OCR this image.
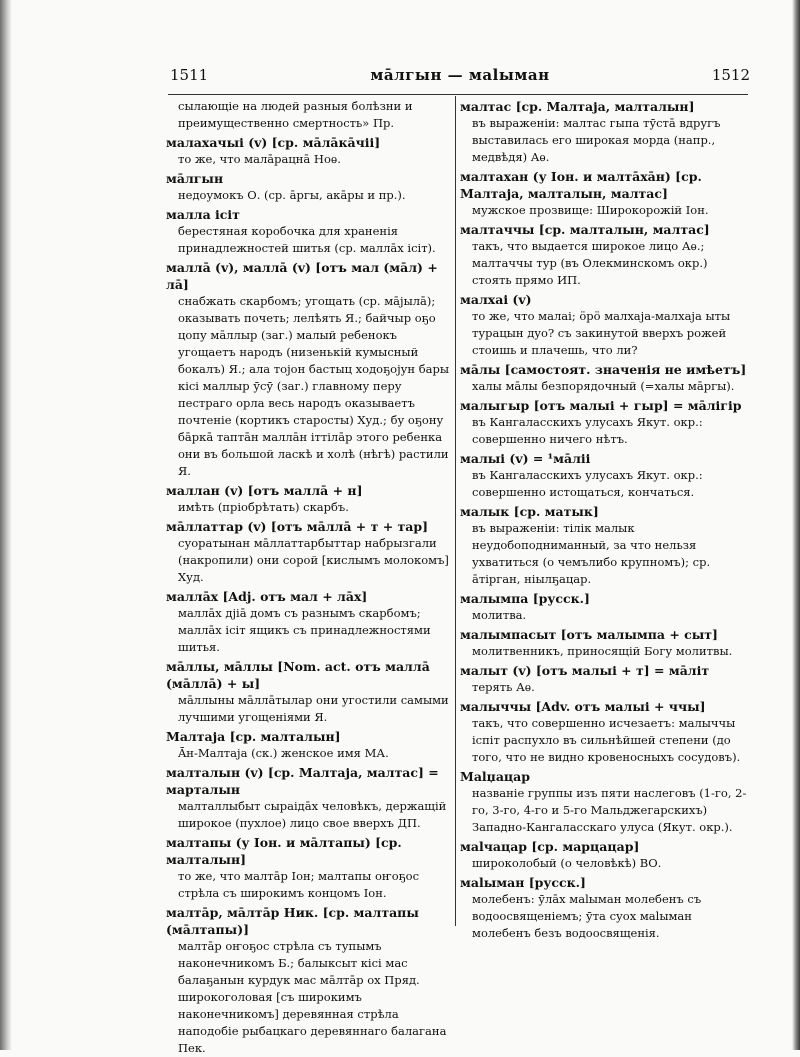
1511	мāлгын — маlыман	1512
сылающіе на людей разныя болѣзни и преимущественно смертность» Пр.
малахачыі (v) [ср. мāлāкāчіі]
то же, что малāрацнā Ноѳ.
мāлгын
недоумокъ О. (ср. āргы, акāры и пр.).
малла ісіт
берестяная коробочка для храненія принадлежностей шитья (ср. маллāх ісіт).
маллā (v), маллā (v) [отъ мал (мāл) + лā]
снабжать скарбомъ; угощать (ср. мāјылā); оказывать почеть; лелѣять Я.; байчыр оҕо цопу мāллыр (заг.) малый ребенокъ угощаетъ народъ (низенькій кумысный бокалъ) Я.; ала тојон бастыц ходоҕојун бары кісі маллыр ӯсӯ (заг.) главному перу пестраго орла весь народъ оказываетъ почтеніе (кортикъ старосты) Худ.; бу оҕону бāркā таптāн маллāн іттілāр этого ребенка они въ большой ласкѣ и холѣ (нѣгѣ) растили Я.
маллан (v) [отъ маллā + н]
имѣть (пріобрѣтать) скарбъ.
мāллаттар (v) [отъ мāллā + т + тар]
суоратынан мāллаттарбыттар набрызгали (накропили) они сорой [кислымъ молокомъ] Худ.
маллāх [Adj. отъ мал + лāх]
маллāх дјіā домъ съ разнымъ скарбомъ; маллāх ісіт ящикъ съ принадлежностями шитья.
мāллы, мāллы [Nom. act. отъ маллā (мāллā) + ы]
мāллыны мāллāтылар они угостили самыми лучшими угощеніями Я.
Малтаја [ср. малталын]
Āн-Малтаја (ск.) женское имя МА.
малталын (v) [ср. Малтаја, малтас] = марталын
малталлыбыт сыраідāх человѣкъ, держащій широкое (пухлое) лицо свое вверхъ ДП.
малтапы (у Іон. и мāлтапы) [ср. малталын]
то же, что малтāр Іон; малтапы оҥоҕос стрѣла съ широкимъ концомъ Іон.
малтāр, мāлтāр Ник. [ср. малтапы (мāлтапы)]
малтāр оҥоҕос стрѣла съ тупымъ наконечникомъ Б.; балыксыт кісі мас балаҕанын курдук мас мāлтāр ох Пряд. широкоголовая [съ широкимъ наконечникомъ] деревянная стрѣла наподобіе рыбацкаго деревяннаго балагана Пек.
малтас [ср. Малтаја, малталын]
въ выраженіи: малтас гыпа тӯстā вдругъ выставилась его широкая морда (напр., медвѣдя) Аѳ.
малтахан (у Іон. и малтāхāн) [ср. Малтаја, малталын, малтас]
мужское прозвище: Широкорожій Іон.
малтаччы [ср. малталын, малтас]
такъ, что выдается широкое лицо Аѳ.; малтаччы тур (въ Олекминскомъ окр.) стоять прямо ИП.
малхаі (v)
то же, что малаі; ӧрӧ малхаја-малхаја ыты турацын дуо? съ закинутой вверхъ рожей стоишь и плачешь, что ли?
мāлы [самостоят. значенія не имѣетъ]
халы мāлы безпорядочный (=халы мāргы).
малыгыр [отъ малыі + гыр] = мāлігір
въ Кангаласскихъ улусахъ Якут. окр.: совершенно ничего нѣтъ.
малыі (v) = ¹мāліі
въ Кангаласскихъ улусахъ Якут. окр.: совершенно истощаться, кончаться.
малык [ср. матык]
въ выраженіи: тілік малык неудобоподниманный, за что нельзя ухватиться (о чемълибо крупномъ); ср. āтірган, ніылҕацар.
малымпа [русск.]
молитва.
малымпасыт [отъ малымпа + сыт]
молитвенникъ, приносящій Богу молитвы.
малыт (v) [отъ малыі + т] = мāліт
терять Аѳ.
малыччы [Adv. отъ малыі + ччы]
такъ, что совершенно исчезаетъ: малыччы іспіт распухло въ сильнѣйшей степени (до того, что не видно кровеносныхъ сосудовъ).
Маlџацар
названіе группы изъ пяти наслеговъ (1-го, 2-го, 3-го, 4-го и 5-го Мальджегарскихъ) Западно-Кангаласскаго улуса (Якут. окр.).
маlчацар [ср. марцацар]
широколобый (о человѣкѣ) ВО.
маlыман [русск.]
молебенъ: ӯлāх маlыман молебенъ съ водоосвященіемъ; ӯта суох маlыман молебенъ безъ водоосвященія.
